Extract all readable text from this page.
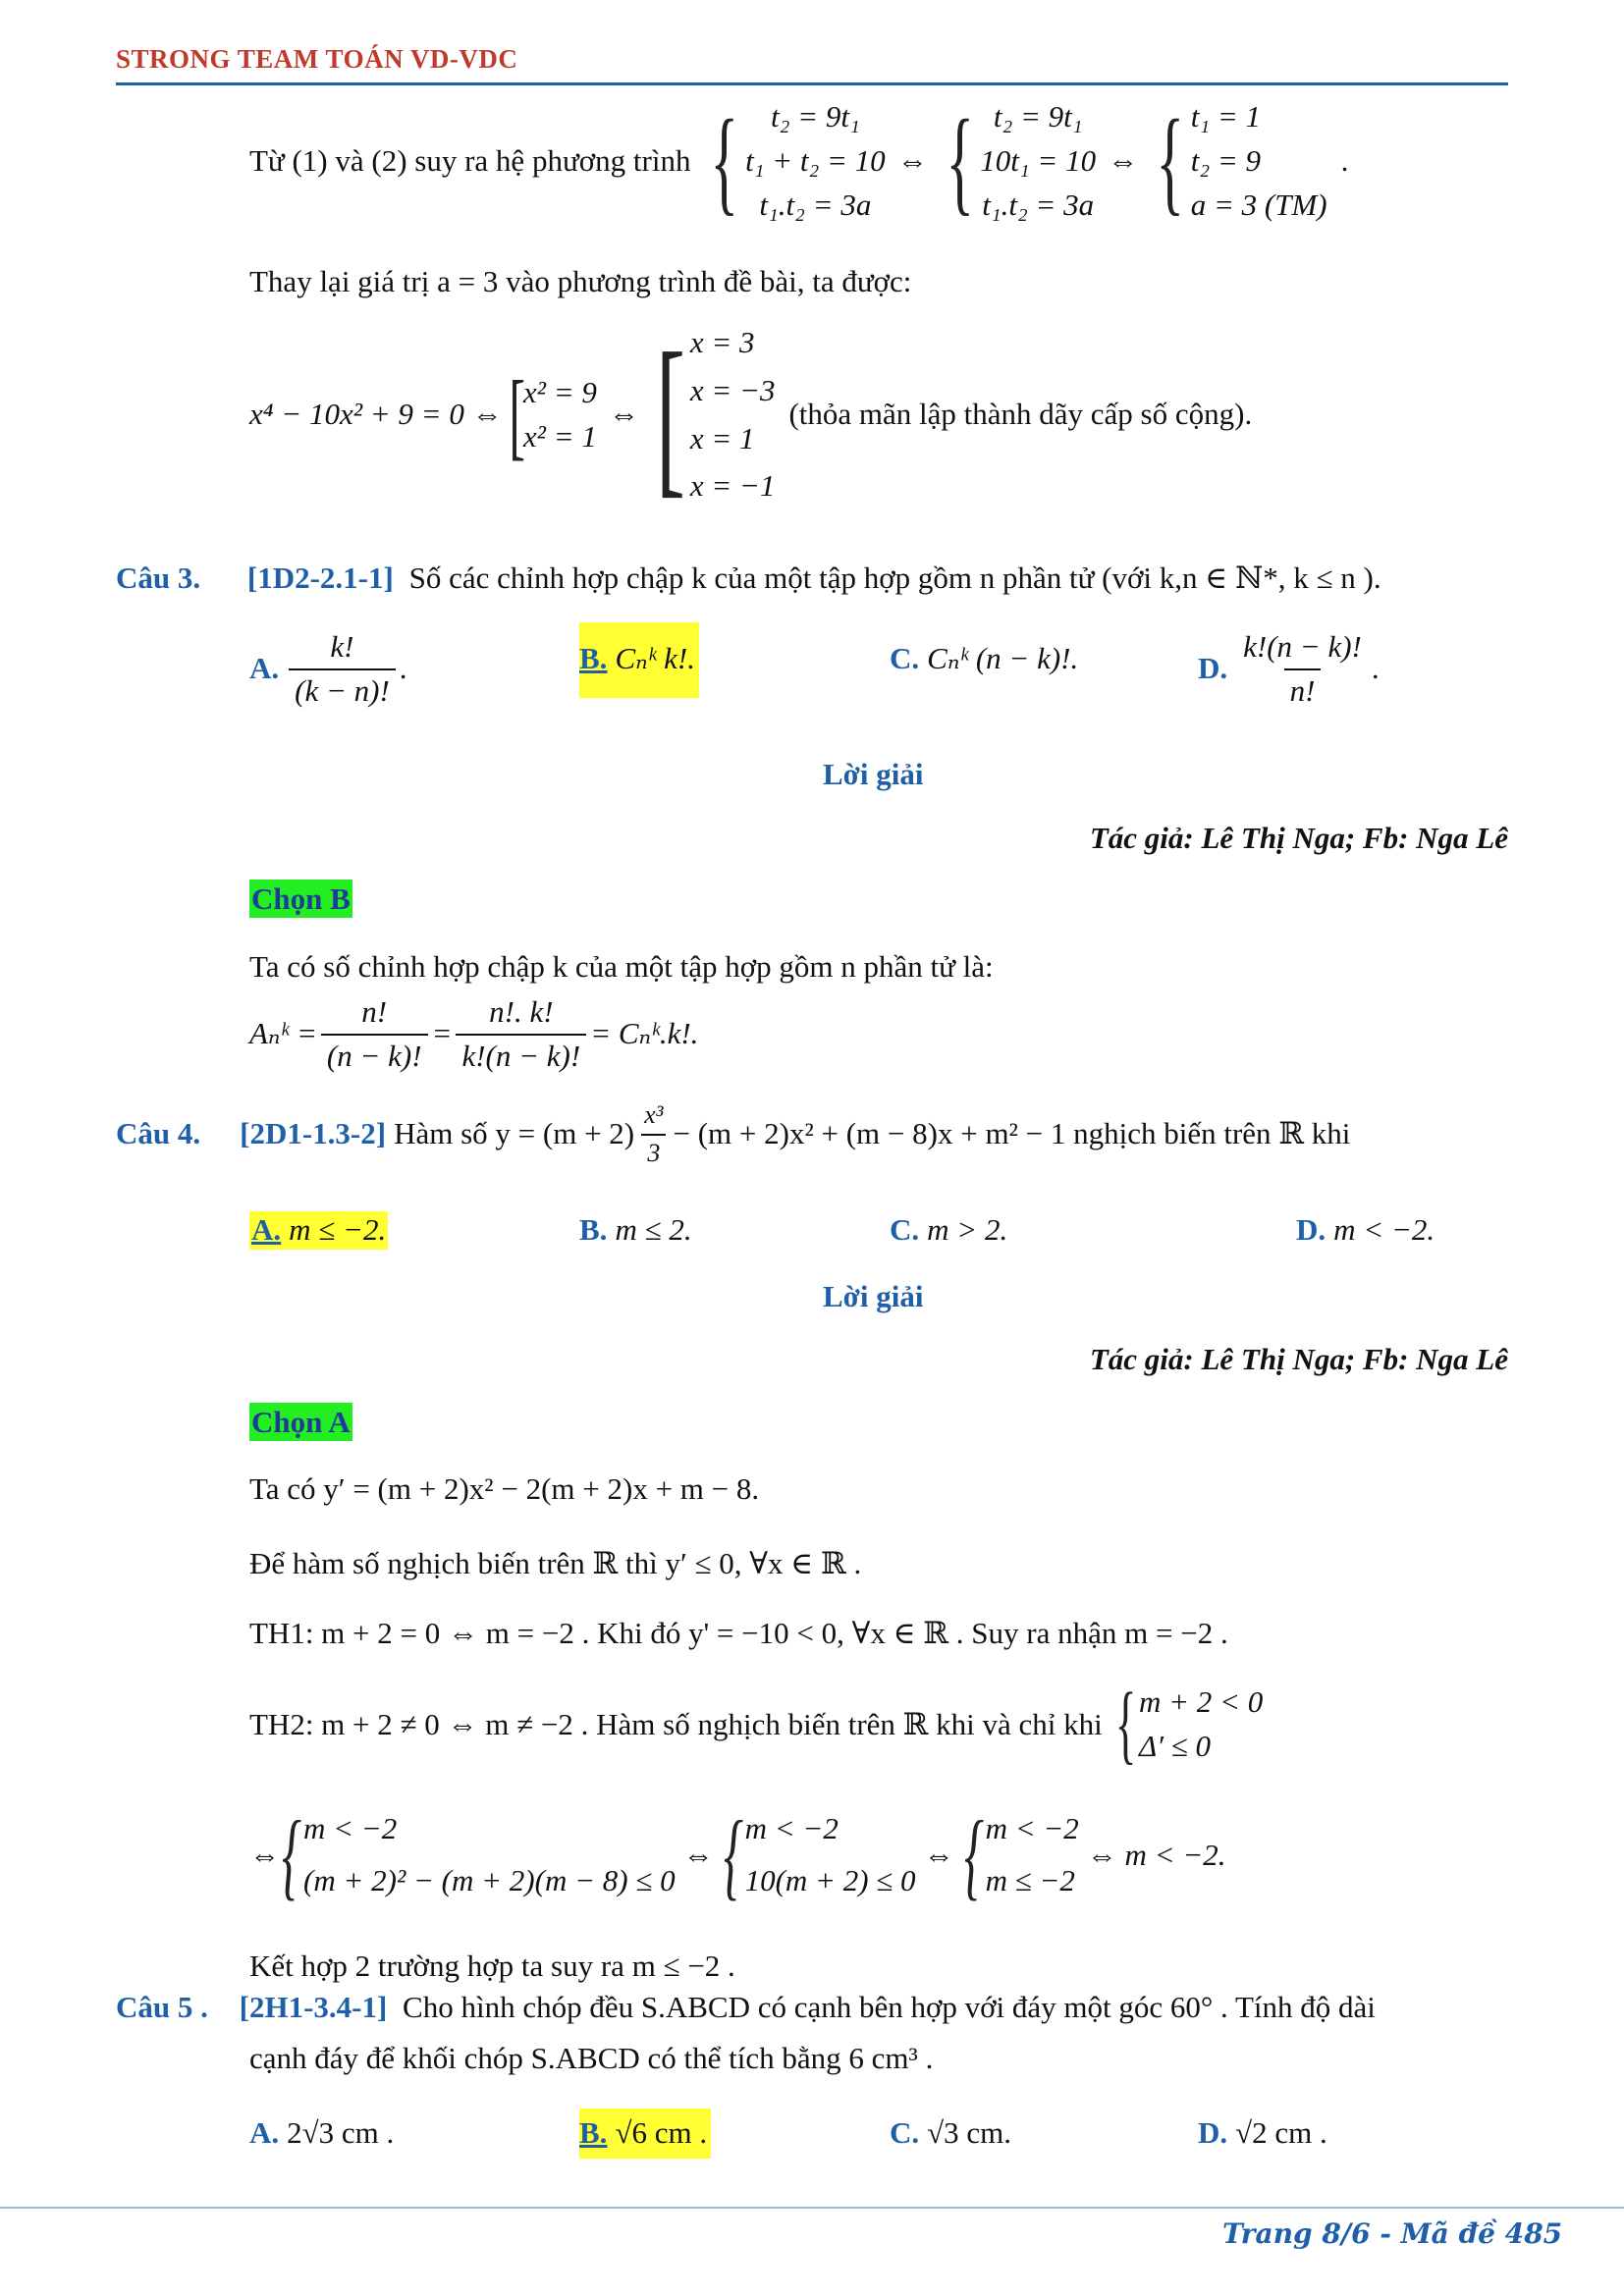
STRONG TEAM TOÁN VD-VDC
Từ (1) và (2) suy ra hệ phương trình { t₂ = 9t₁
t₁ + t₂ = 10
t₁.t₂ = 3a
⇔ { t₂ = 9t₁
10t₁ = 10
t₁.t₂ = 3a
⇔ { t₁ = 1
t₂ = 9
a = 3 (TM)
.
Thay lại giá trị a = 3 vào phương trình đề bài, ta được:
x⁴ − 10x² + 9 = 0 ⇔ [
x² = 9
x² = 1
⇔ [ x = 3
x = −3
x = 1
x = −1
(thỏa mãn lập thành dãy cấp số cộng).
Câu 3. [1D2-2.1-1] Số các chỉnh hợp chập k của một tập hợp gồm n phần tử (với k,n ∈ ℕ*, k ≤ n ).
A. $\frac{k!}{(k - n)!}$ .	B. Cₙᵏ k!.	C. Cₙᵏ (n − k)!.	D. $\frac{k!(n - k)!}{n!}$ .
Lời giải
Tác giả: Lê Thị Nga; Fb: Nga Lê
Chọn B
Ta có số chỉnh hợp chập k của một tập hợp gồm n phần tử là:
Aₙᵏ = $\frac{n!}{(n - k)!} = \frac{n!. k!}{k!(n - k)!}$ = Cₙᵏ.k!.
Câu 4. [2D1-1.3-2] Hàm số $y = (m + 2) \frac{\text{x³}}{3} - (m + 2)x^2 + (m - 8)x + m^2 - 1$ nghịch biến trên ℝ khi
A. m ≤ −2.	B. m ≤ 2.	C. m > 2.	D. m < −2.
Lời giải
Tác giả: Lê Thị Nga; Fb: Nga Lê
Chọn A
Ta có y′ = (m + 2)x² − 2(m + 2)x + m − 8.
Để hàm số nghịch biến trên ℝ thì y′ ≤ 0, ∀x ∈ ℝ .
TH1: m + 2 = 0 ⇔ m = −2 . Khi đó y' = −10 < 0, ∀x ∈ ℝ . Suy ra nhận m = −2 .
TH2: m + 2 ≠ 0 ⇔ m ≠ −2 . Hàm số nghịch biến trên ℝ khi và chỉ khi { m + 2 < 0
Δ′ ≤ 0
⇔ { m < −2
(m + 2)² − (m + 2)(m − 8) ≤ 0
⇔ { m < −2
10(m + 2) ≤ 0
⇔ { m < −2
m ≤ −2
⇔ m < −2.
Kết hợp 2 trường hợp ta suy ra m ≤ −2 .
Câu 5 . [2H1-3.4-1] Cho hình chóp đều S.ABCD có cạnh bên hợp với đáy một góc 60° . Tính độ dài
cạnh đáy để khối chóp S.ABCD có thể tích bằng 6 cm³ .
A. 2√3 cm .	B. √6 cm .	C. √3 cm.	D. √2 cm .
Trang 8/6 - Mã đề 485
